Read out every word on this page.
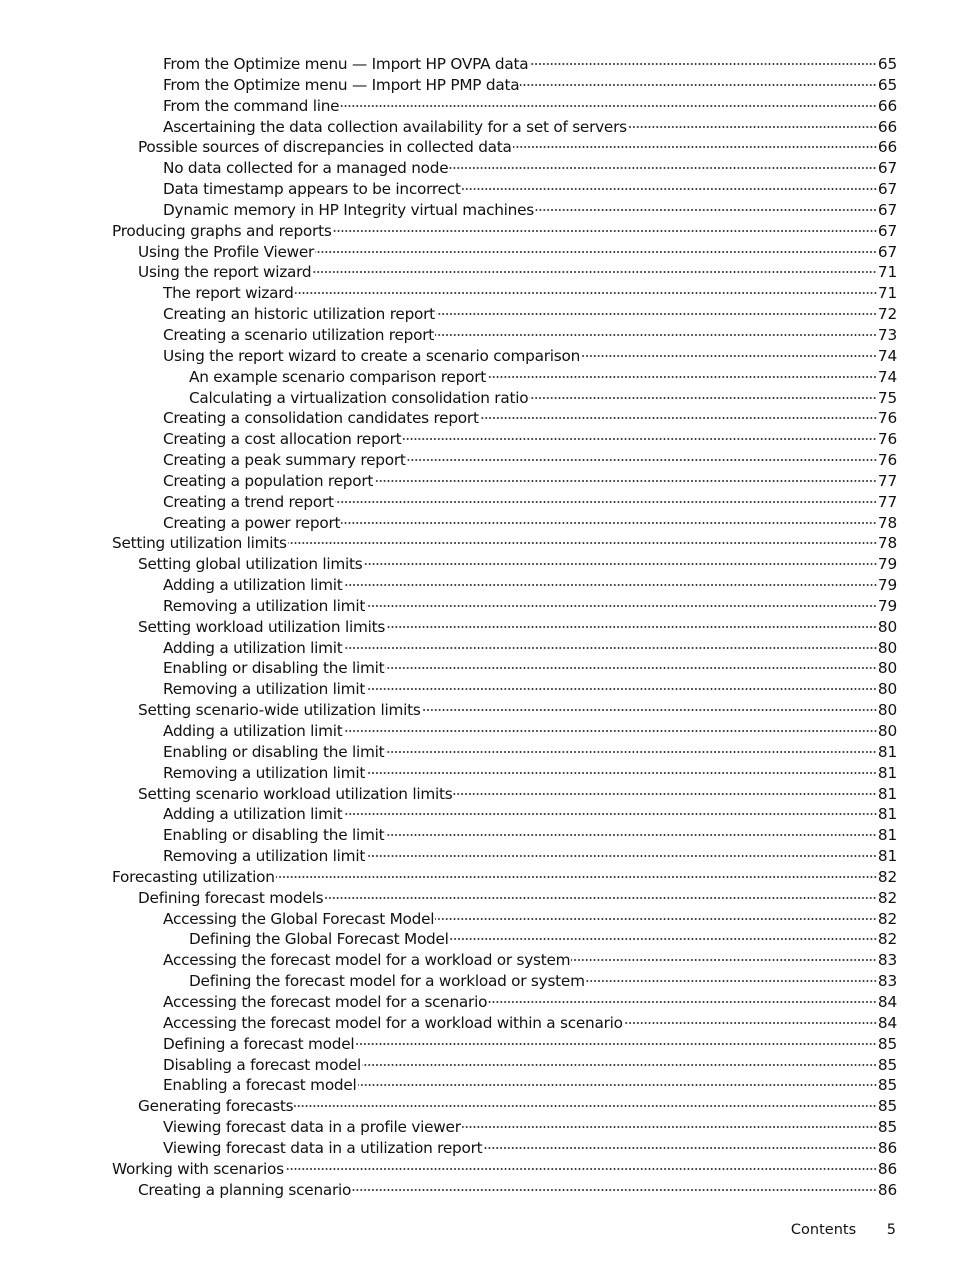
From the Optimize menu — Import HP OVPA data	65
From the Optimize menu — Import HP PMP data	65
From the command line	66
Ascertaining the data collection availability for a set of servers	66
Possible sources of discrepancies in collected data	66
No data collected for a managed node	67
Data timestamp appears to be incorrect	67
Dynamic memory in HP Integrity virtual machines	67
Producing graphs and reports	67
Using the Profile Viewer	67
Using the report wizard	71
The report wizard	71
Creating an historic utilization report	72
Creating a scenario utilization report	73
Using the report wizard to create a scenario comparison	74
An example scenario comparison report	74
Calculating a virtualization consolidation ratio	75
Creating a consolidation candidates report	76
Creating a cost allocation report	76
Creating a peak summary report	76
Creating a population report	77
Creating a trend report	77
Creating a power report	78
Setting utilization limits	78
Setting global utilization limits	79
Adding a utilization limit	79
Removing a utilization limit	79
Setting workload utilization limits	80
Adding a utilization limit	80
Enabling or disabling the limit	80
Removing a utilization limit	80
Setting scenario-wide utilization limits	80
Adding a utilization limit	80
Enabling or disabling the limit	81
Removing a utilization limit	81
Setting scenario workload utilization limits	81
Adding a utilization limit	81
Enabling or disabling the limit	81
Removing a utilization limit	81
Forecasting utilization	82
Defining forecast models	82
Accessing the Global Forecast Model	82
Defining the Global Forecast Model	82
Accessing the forecast model for a workload or system	83
Defining the forecast model for a workload or system	83
Accessing the forecast model for a scenario	84
Accessing the forecast model for a workload within a scenario	84
Defining a forecast model	85
Disabling a forecast model	85
Enabling a forecast model	85
Generating forecasts	85
Viewing forecast data in a profile viewer	85
Viewing forecast data in a utilization report	86
Working with scenarios	86
Creating a planning scenario	86
Contents 5
